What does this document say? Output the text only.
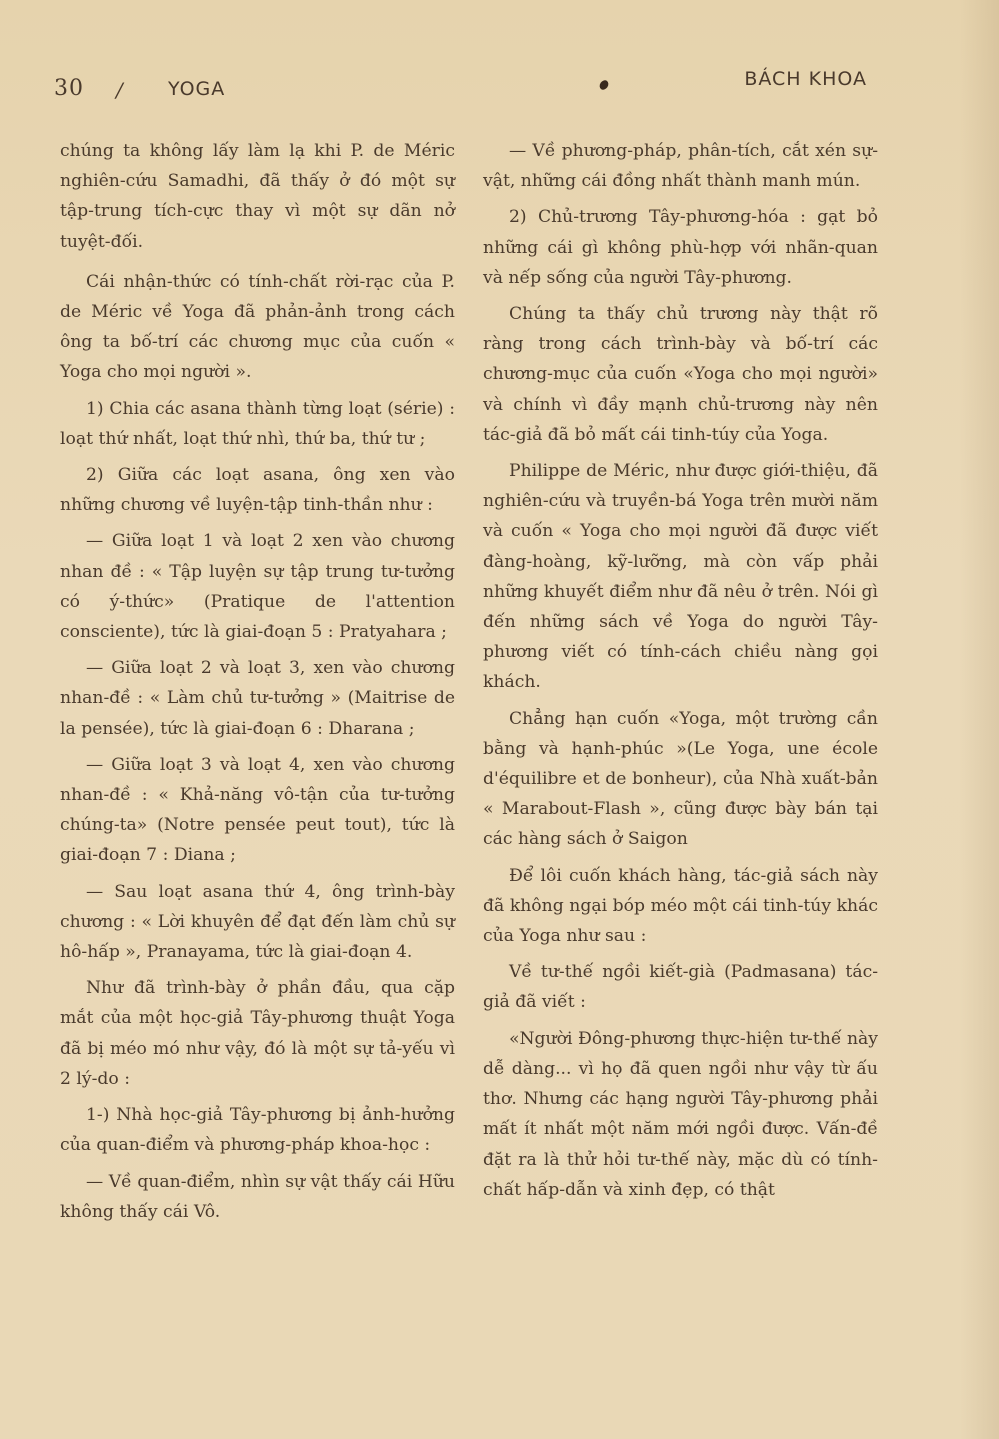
30 / YOGA	BÁCH KHOA

chúng ta không lấy làm lạ khi P. de Méric nghiên-cứu Samadhi, đã thấy ở đó một sự tập-trung tích-cực thay vì một sự dãn nở tuyệt-đối.

Cái nhận-thức có tính-chất rời-rạc của P. de Méric về Yoga đã phản-ảnh trong cách ông ta bố-trí các chương mục của cuốn « Yoga cho mọi người ».

1) Chia các asana thành từng loạt (série) : loạt thứ nhất, loạt thứ nhì, thứ ba, thứ tư ;

2) Giữa các loạt asana, ông xen vào những chương về luyện-tập tinh-thần như :

— Giữa loạt 1 và loạt 2 xen vào chương nhan đề : « Tập luyện sự tập trung tư-tưởng có ý-thức» (Pratique de l'attention consciente), tức là giai-đoạn 5 : Pratyahara ;

— Giữa loạt 2 và loạt 3, xen vào chương nhan-đề : « Làm chủ tư-tưởng » (Maitrise de la pensée), tức là giai-đoạn 6 : Dharana ;

— Giữa loạt 3 và loạt 4, xen vào chương nhan-đề : « Khả-năng vô-tận của tư-tưởng chúng-ta» (Notre pensée peut tout), tức là giai-đoạn 7 : Diana ;

— Sau loạt asana thứ 4, ông trình-bày chương : « Lời khuyên để đạt đến làm chủ sự hô-hấp », Pranayama, tức là giai-đoạn 4.

Như đã trình-bày ở phần đầu, qua cặp mắt của một học-giả Tây-phương thuật Yoga đã bị méo mó như vậy, đó là một sự tả-yếu vì 2 lý-do :

1-) Nhà học-giả Tây-phương bị ảnh-hưởng của quan-điểm và phương-pháp khoa-học :

— Về quan-điểm, nhìn sự vật thấy cái Hữu không thấy cái Vô.

— Về phương-pháp, phân-tích, cắt xén sự-vật, những cái đồng nhất thành manh mún.

2) Chủ-trương Tây-phương-hóa : gạt bỏ những cái gì không phù-hợp với nhãn-quan và nếp sống của người Tây-phương.

Chúng ta thấy chủ trương này thật rõ ràng trong cách trình-bày và bố-trí các chương-mục của cuốn «Yoga cho mọi người» và chính vì đầy mạnh chủ-trương này nên tác-giả đã bỏ mất cái tinh-túy của Yoga.

Philippe de Méric, như được giới-thiệu, đã nghiên-cứu và truyền-bá Yoga trên mười năm và cuốn « Yoga cho mọi người đã được viết đàng-hoàng, kỹ-lưỡng, mà còn vấp phải những khuyết điểm như đã nêu ở trên. Nói gì đến những sách về Yoga do người Tây-phương viết có tính-cách chiều nàng gọi khách.

Chẳng hạn cuốn «Yoga, một trường cần bằng và hạnh-phúc »(Le Yoga, une école d'équilibre et de bonheur), của Nhà xuất-bản « Marabout-Flash », cũng được bày bán tại các hàng sách ở Saigon

Để lôi cuốn khách hàng, tác-giả sách này đã không ngại bóp méo một cái tinh-túy khác của Yoga như sau :

Về tư-thế ngồi kiết-già (Padmasana) tác-giả đã viết :

«Người Đông-phương thực-hiện tư-thế này dễ dàng... vì họ đã quen ngồi như vậy từ ấu thơ. Nhưng các hạng người Tây-phương phải mất ít nhất một năm mới ngồi được. Vấn-đề đặt ra là thử hỏi tư-thế này, mặc dù có tính-chất hấp-dẫn và xinh đẹp, có thật
